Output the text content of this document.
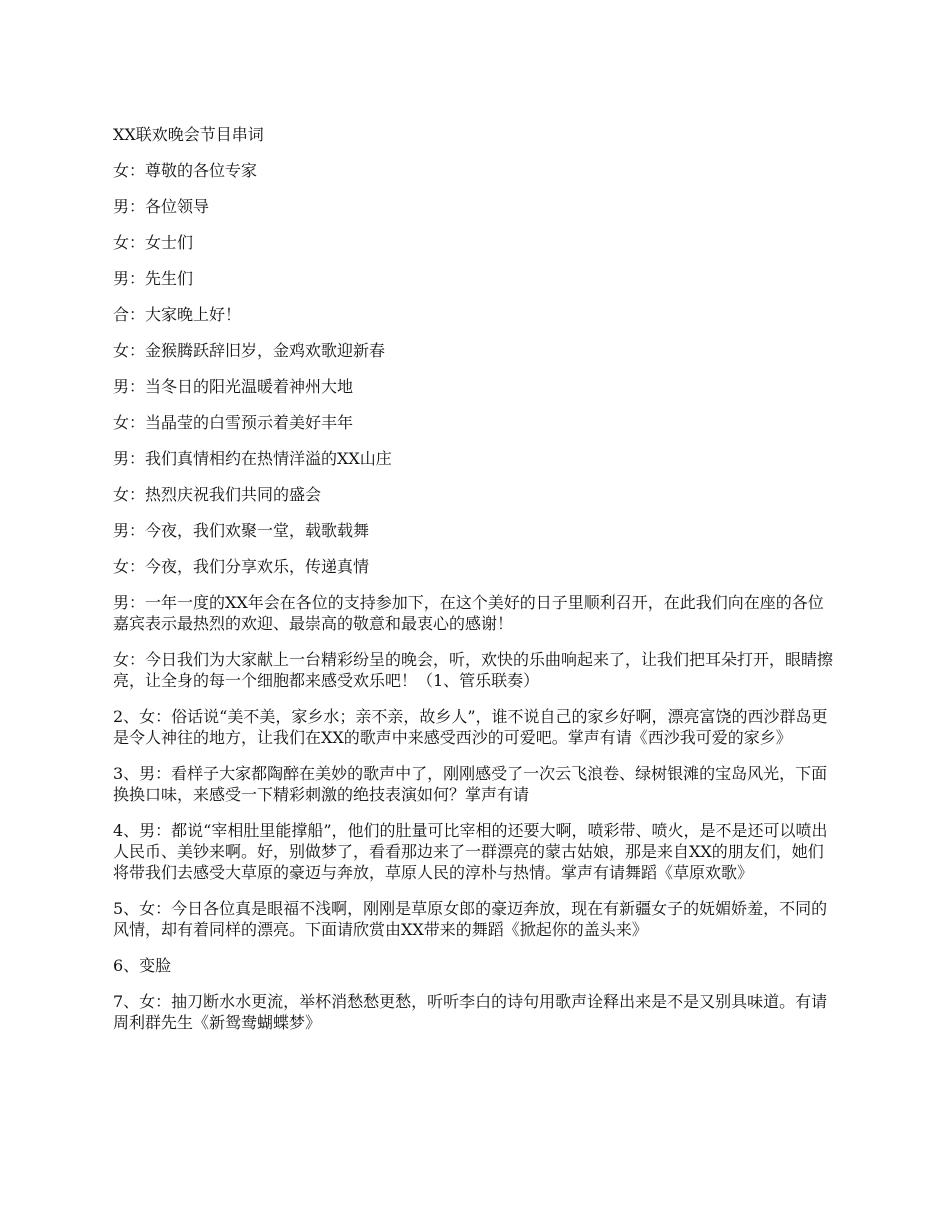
XX联欢晚会节目串词

女：尊敬的各位专家

男：各位领导

女：女士们

男：先生们

合：大家晚上好！

女：金猴腾跃辞旧岁，金鸡欢歌迎新春

男：当冬日的阳光温暖着神州大地

女：当晶莹的白雪预示着美好丰年

男：我们真情相约在热情洋溢的XX山庄

女：热烈庆祝我们共同的盛会

男：今夜，我们欢聚一堂，载歌载舞

女：今夜，我们分享欢乐，传递真情

男：一年一度的XX年会在各位的支持参加下，在这个美好的日子里顺利召开，在此我们向在座的各位嘉宾表示最热烈的欢迎、最崇高的敬意和最衷心的感谢！

女：今日我们为大家献上一台精彩纷呈的晚会，听，欢快的乐曲响起来了，让我们把耳朵打开，眼睛擦亮，让全身的每一个细胞都来感受欢乐吧！（1、管乐联奏）

2、女：俗话说“美不美，家乡水；亲不亲，故乡人”，谁不说自己的家乡好啊，漂亮富饶的西沙群岛更是令人神往的地方，让我们在XX的歌声中来感受西沙的可爱吧。掌声有请《西沙我可爱的家乡》

3、男：看样子大家都陶醉在美妙的歌声中了，刚刚感受了一次云飞浪卷、绿树银滩的宝岛风光，下面换换口味，来感受一下精彩刺激的绝技表演如何？掌声有请

4、男：都说“宰相肚里能撑船”，他们的肚量可比宰相的还要大啊，喷彩带、喷火，是不是还可以喷出人民币、美钞来啊。好，别做梦了，看看那边来了一群漂亮的蒙古姑娘，那是来自XX的朋友们，她们将带我们去感受大草原的豪迈与奔放，草原人民的淳朴与热情。掌声有请舞蹈《草原欢歌》

5、女：今日各位真是眼福不浅啊，刚刚是草原女郎的豪迈奔放，现在有新疆女子的妩媚娇羞，不同的风情，却有着同样的漂亮。下面请欣赏由XX带来的舞蹈《掀起你的盖头来》

6、变脸

7、女：抽刀断水水更流，举杯消愁愁更愁，听听李白的诗句用歌声诠释出来是不是又别具味道。有请周利群先生《新鸳鸯蝴蝶梦》
